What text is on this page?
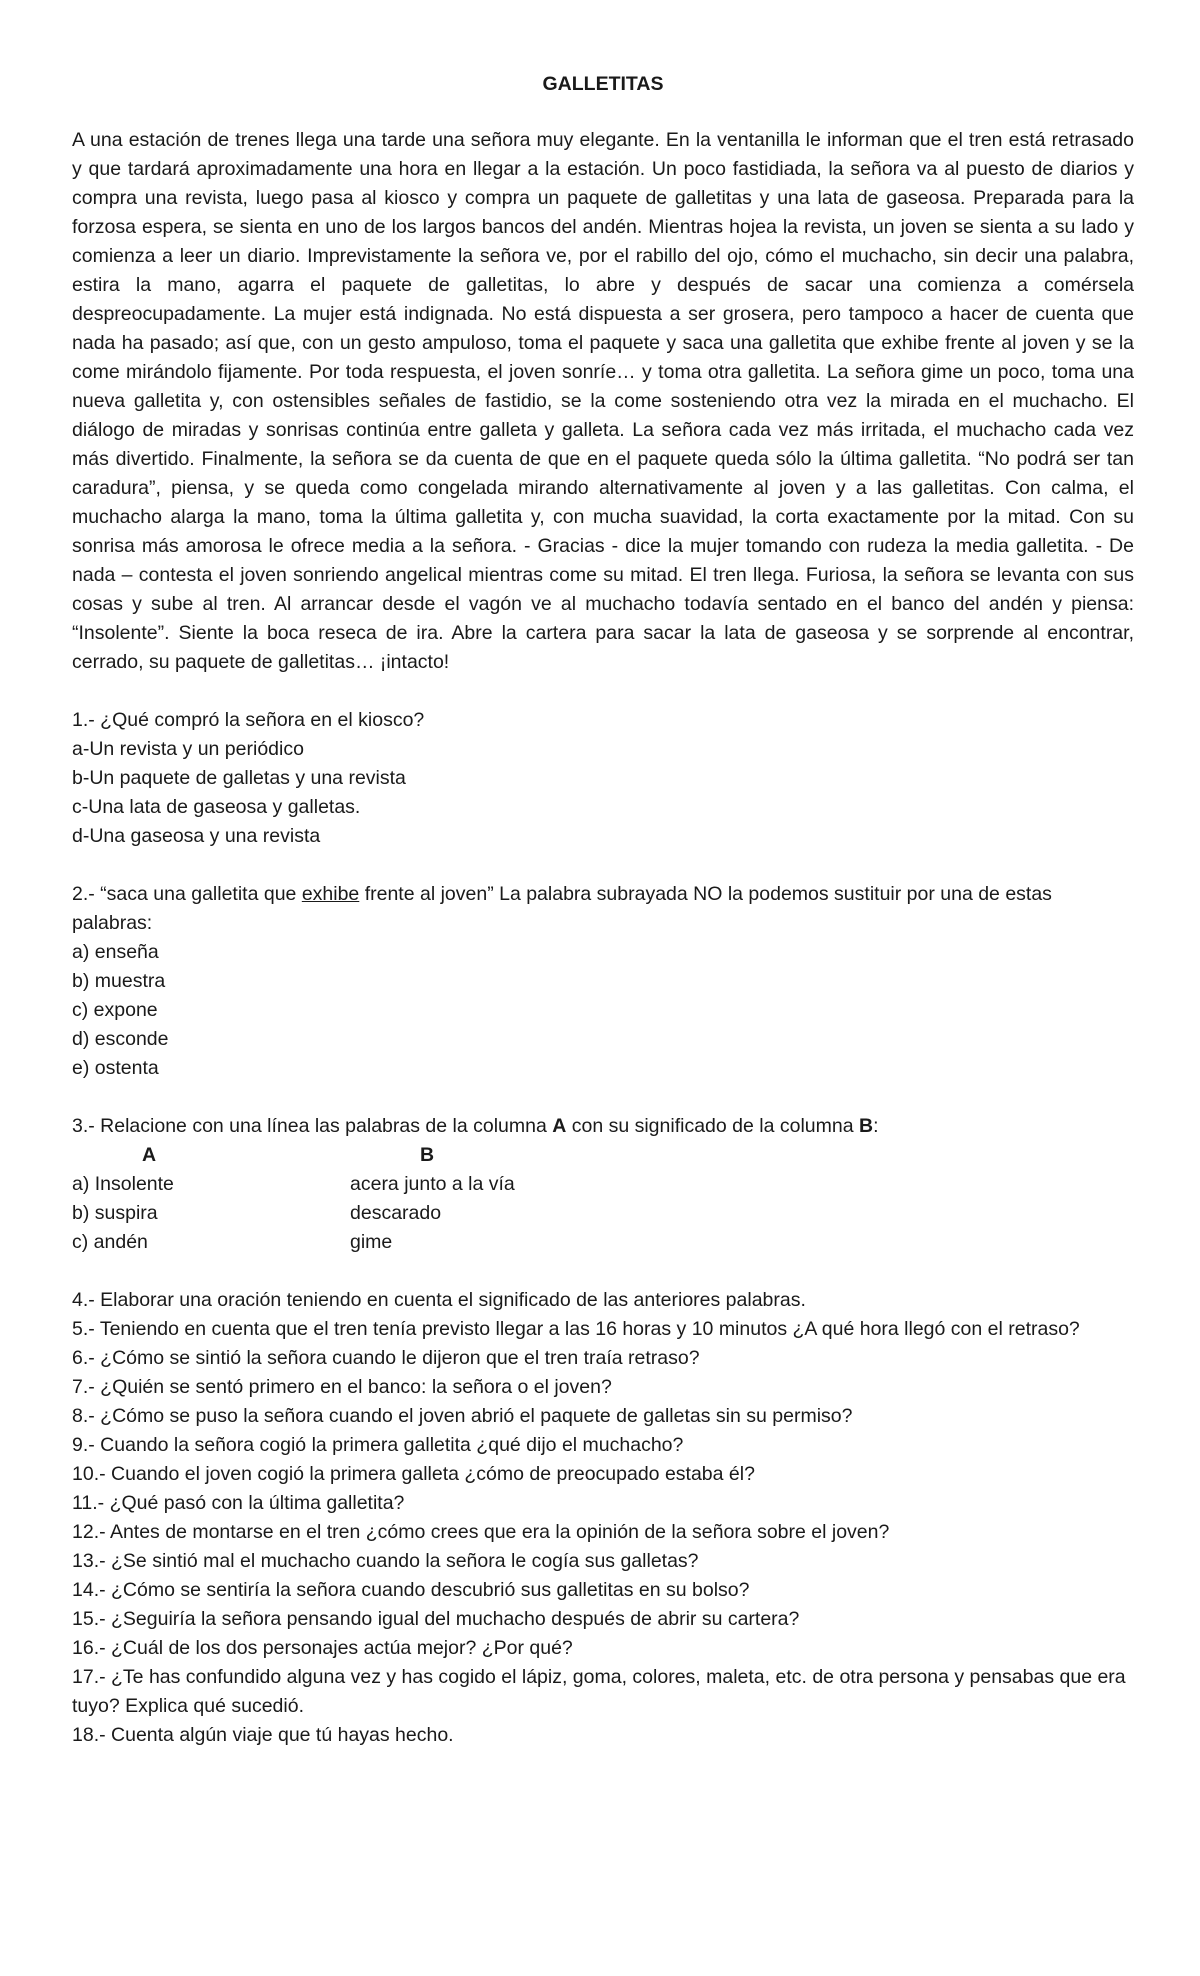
GALLETITAS

A una estación de trenes llega una tarde una señora muy elegante. En la ventanilla le informan que el tren está retrasado y que tardará aproximadamente una hora en llegar a la estación. Un poco fastidiada, la señora va al puesto de diarios y compra una revista, luego pasa al kiosco y compra un paquete de galletitas y una lata de gaseosa. Preparada para la forzosa espera, se sienta en uno de los largos bancos del andén. Mientras hojea la revista, un joven se sienta a su lado y comienza a leer un diario. Imprevistamente la señora ve, por el rabillo del ojo, cómo el muchacho, sin decir una palabra, estira la mano, agarra el paquete de galletitas, lo abre y después de sacar una comienza a comérsela despreocupadamente. La mujer está indignada. No está dispuesta a ser grosera, pero tampoco a hacer de cuenta que nada ha pasado; así que, con un gesto ampuloso, toma el paquete y saca una galletita que exhibe frente al joven y se la come mirándolo fijamente. Por toda respuesta, el joven sonríe… y toma otra galletita. La señora gime un poco, toma una nueva galletita y, con ostensibles señales de fastidio, se la come sosteniendo otra vez la mirada en el muchacho. El diálogo de miradas y sonrisas continúa entre galleta y galleta. La señora cada vez más irritada, el muchacho cada vez más divertido. Finalmente, la señora se da cuenta de que en el paquete queda sólo la última galletita. “No podrá ser tan caradura”, piensa, y se queda como congelada mirando alternativamente al joven y a las galletitas. Con calma, el muchacho alarga la mano, toma la última galletita y, con mucha suavidad, la corta exactamente por la mitad. Con su sonrisa más amorosa le ofrece media a la señora. - Gracias - dice la mujer tomando con rudeza la media galletita. - De nada – contesta el joven sonriendo angelical mientras come su mitad. El tren llega. Furiosa, la señora se levanta con sus cosas y sube al tren. Al arrancar desde el vagón ve al muchacho todavía sentado en el banco del andén y piensa: “Insolente”. Siente la boca reseca de ira. Abre la cartera para sacar la lata de gaseosa y se sorprende al encontrar, cerrado, su paquete de galletitas… ¡intacto!

1.- ¿Qué compró la señora en el kiosco?
a-Un revista y un periódico
b-Un paquete de galletas y una revista
c-Una lata de gaseosa y galletas.
d-Una gaseosa y una revista
2.- “saca una galletita que exhibe frente al joven” La palabra subrayada NO la podemos sustituir por una de estas palabras:
a) enseña
b) muestra
c) expone
d) esconde
e) ostenta
3.- Relacione con una línea las palabras de la columna A con su significado de la columna B:
A	B
a) Insolente	acera junto a la vía
b) suspira	descarado
c) andén	gime
4.- Elaborar una oración teniendo en cuenta el significado de las anteriores palabras.
5.- Teniendo en cuenta que el tren tenía previsto llegar a las 16 horas y 10 minutos ¿A qué hora llegó con el retraso?
6.- ¿Cómo se sintió la señora cuando le dijeron que el tren traía retraso?
7.- ¿Quién se sentó primero en el banco: la señora o el joven?
8.- ¿Cómo se puso la señora cuando el joven abrió el paquete de galletas sin su permiso?
9.- Cuando la señora cogió la primera galletita ¿qué dijo el muchacho?
10.- Cuando el joven cogió la primera galleta ¿cómo de preocupado estaba él?
11.- ¿Qué pasó con la última galletita?
12.- Antes de montarse en el tren ¿cómo crees que era la opinión de la señora sobre el joven?
13.- ¿Se sintió mal el muchacho cuando la señora le cogía sus galletas?
14.- ¿Cómo se sentiría la señora cuando descubrió sus galletitas en su bolso?
15.- ¿Seguiría la señora pensando igual del muchacho después de abrir su cartera?
16.- ¿Cuál de los dos personajes actúa mejor? ¿Por qué?
17.- ¿Te has confundido alguna vez y has cogido el lápiz, goma, colores, maleta, etc. de otra persona y pensabas que era tuyo? Explica qué sucedió.
18.- Cuenta algún viaje que tú hayas hecho.
